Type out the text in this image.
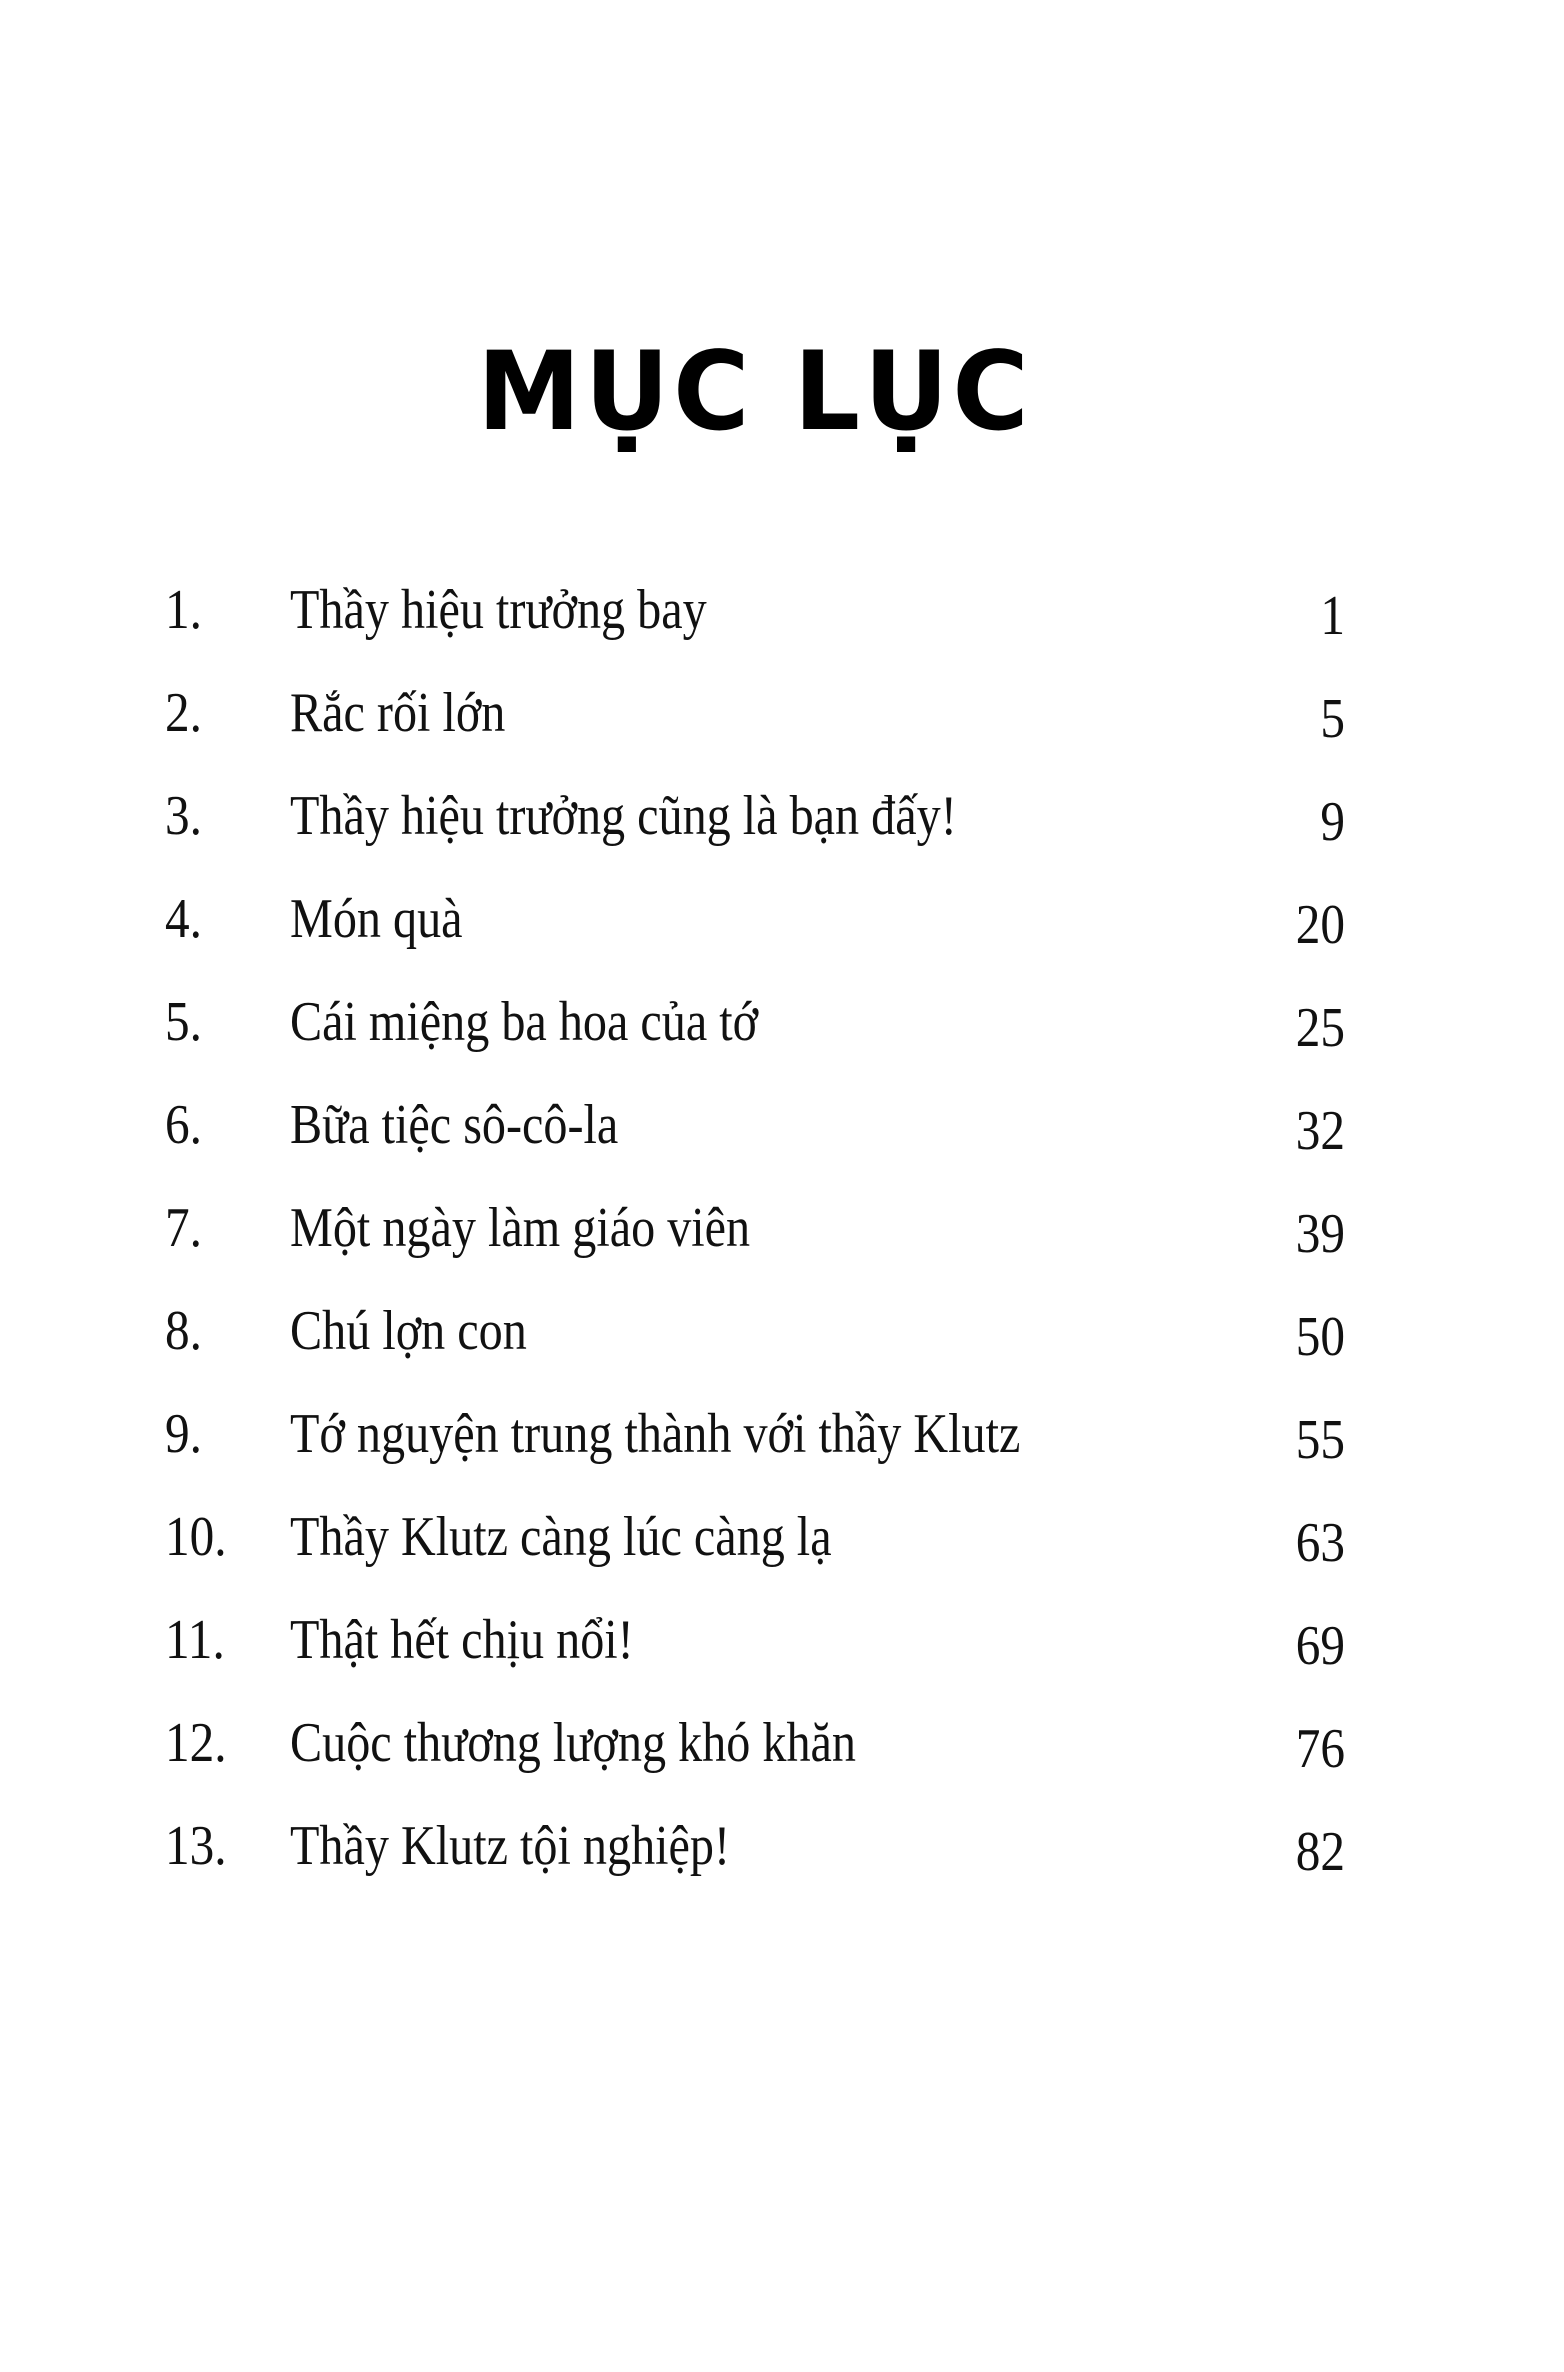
MỤC LỤC
1. Thầy hiệu trưởng bay	1
2. Rắc rối lớn	5
3. Thầy hiệu trưởng cũng là bạn đấy!	9
4. Món quà	20
5. Cái miệng ba hoa của tớ	25
6. Bữa tiệc sô-cô-la	32
7. Một ngày làm giáo viên	39
8. Chú lợn con	50
9. Tớ nguyện trung thành với thầy Klutz	55
10. Thầy Klutz càng lúc càng lạ	63
11. Thật hết chịu nổi!	69
12. Cuộc thương lượng khó khăn	76
13. Thầy Klutz tội nghiệp!	82
